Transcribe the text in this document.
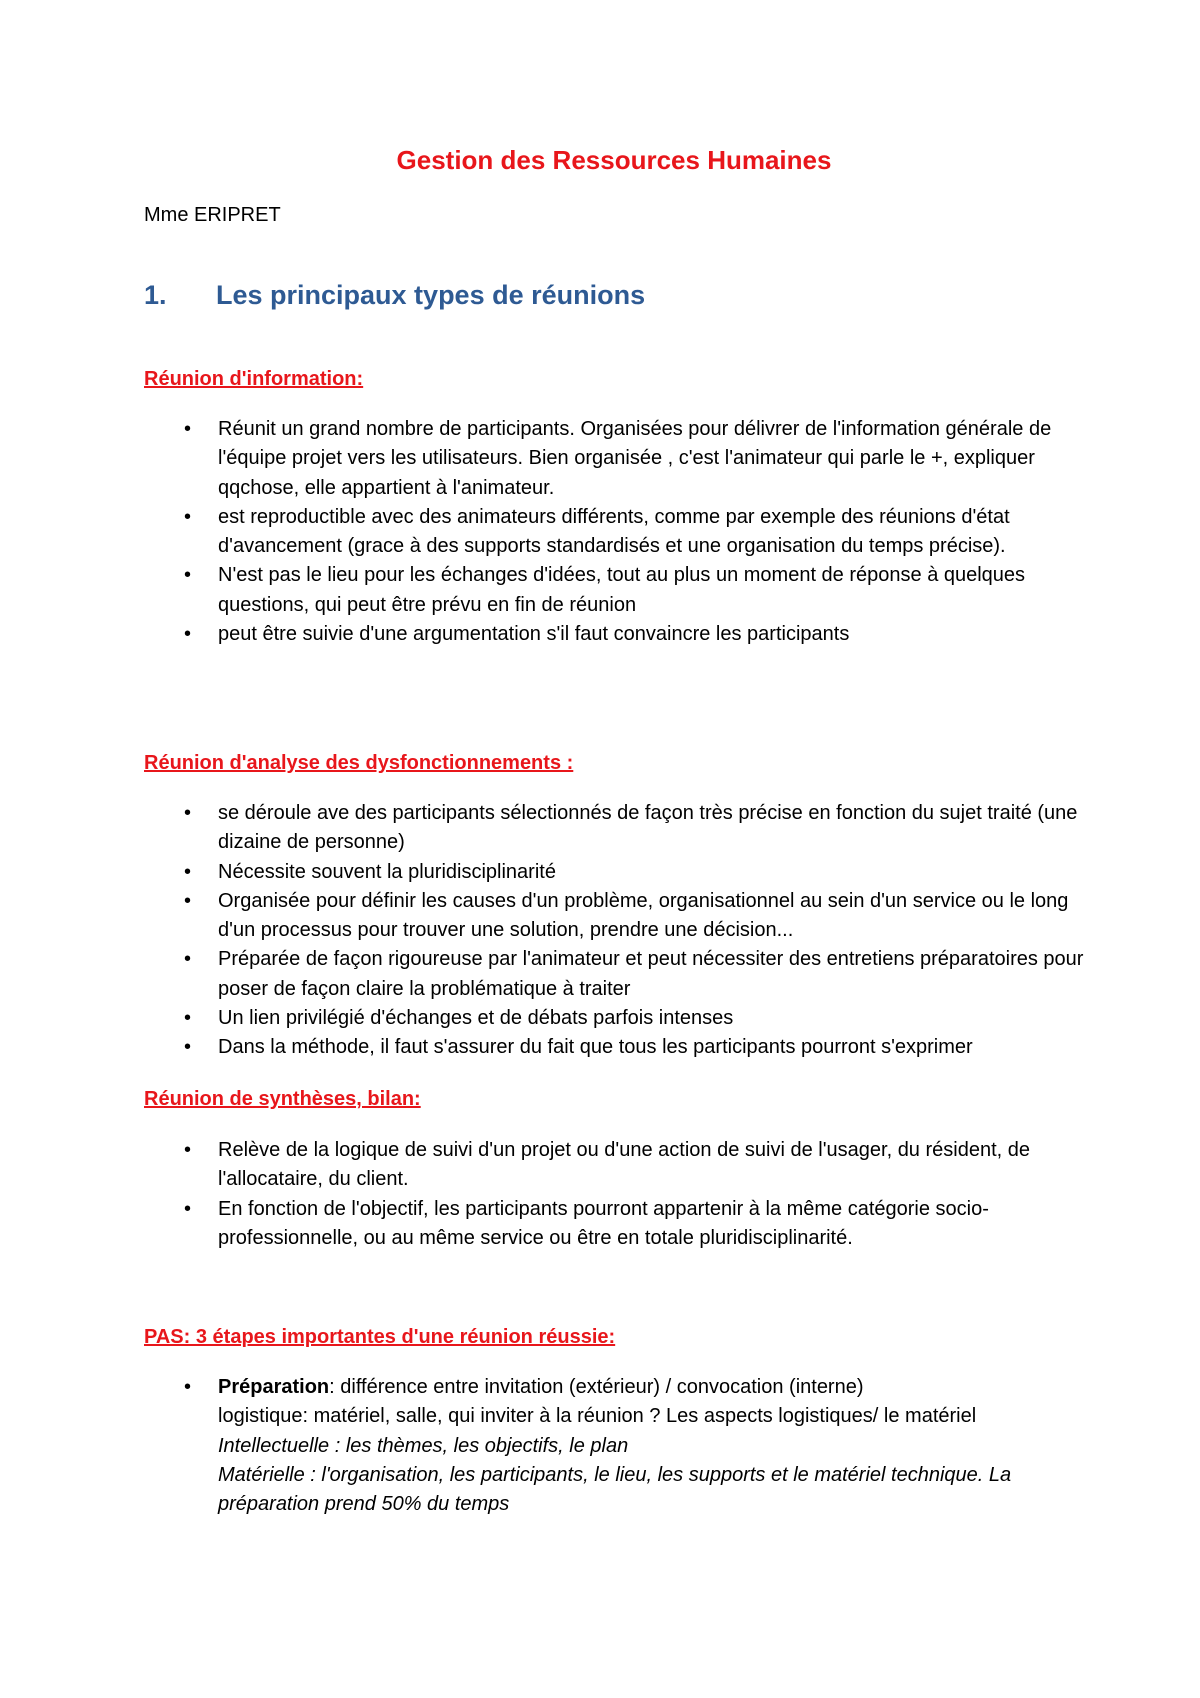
Gestion des Ressources Humaines

Mme ERIPRET

1.	Les principaux types de réunions
Réunion d'information:
• Réunit un grand nombre de participants. Organisées pour délivrer de l'information générale de l'équipe projet vers les utilisateurs. Bien organisée , c'est l'animateur qui parle le +, expliquer qqchose, elle appartient à l'animateur.
• est reproductible avec des animateurs différents, comme par exemple des réunions d'état d'avancement (grace à des supports standardisés et une organisation du temps précise).
• N'est pas le lieu pour les échanges d'idées, tout au plus un moment de réponse à quelques questions, qui peut être prévu en fin de réunion
• peut être suivie d'une argumentation s'il faut convaincre les participants
Réunion d'analyse des dysfonctionnements :
• se déroule ave des participants sélectionnés de façon très précise en fonction du sujet traité (une dizaine de personne)
• Nécessite souvent la pluridisciplinarité
• Organisée pour définir les causes d'un problème, organisationnel au sein d'un service ou le long d'un processus pour trouver une solution, prendre une décision...
• Préparée de façon rigoureuse par l'animateur et peut nécessiter des entretiens préparatoires pour poser de façon claire la problématique à traiter
• Un lien privilégié d'échanges et de débats parfois intenses
• Dans la méthode, il faut s'assurer du fait que tous les participants pourront s'exprimer
Réunion de synthèses, bilan:
• Relève de la logique de suivi d'un projet ou d'une action de suivi de l'usager, du résident, de l'allocataire, du client.
• En fonction de l'objectif, les participants pourront appartenir à la même catégorie socio-professionnelle, ou au même service ou être en totale pluridisciplinarité.
PAS: 3 étapes importantes d'une réunion réussie:
• Préparation: différence entre invitation (extérieur) / convocation (interne)
logistique: matériel, salle, qui inviter à la réunion ? Les aspects logistiques/ le matériel
Intellectuelle : les thèmes, les objectifs, le plan
Matérielle : l'organisation, les participants, le lieu, les supports et le matériel technique. La préparation prend 50% du temps
